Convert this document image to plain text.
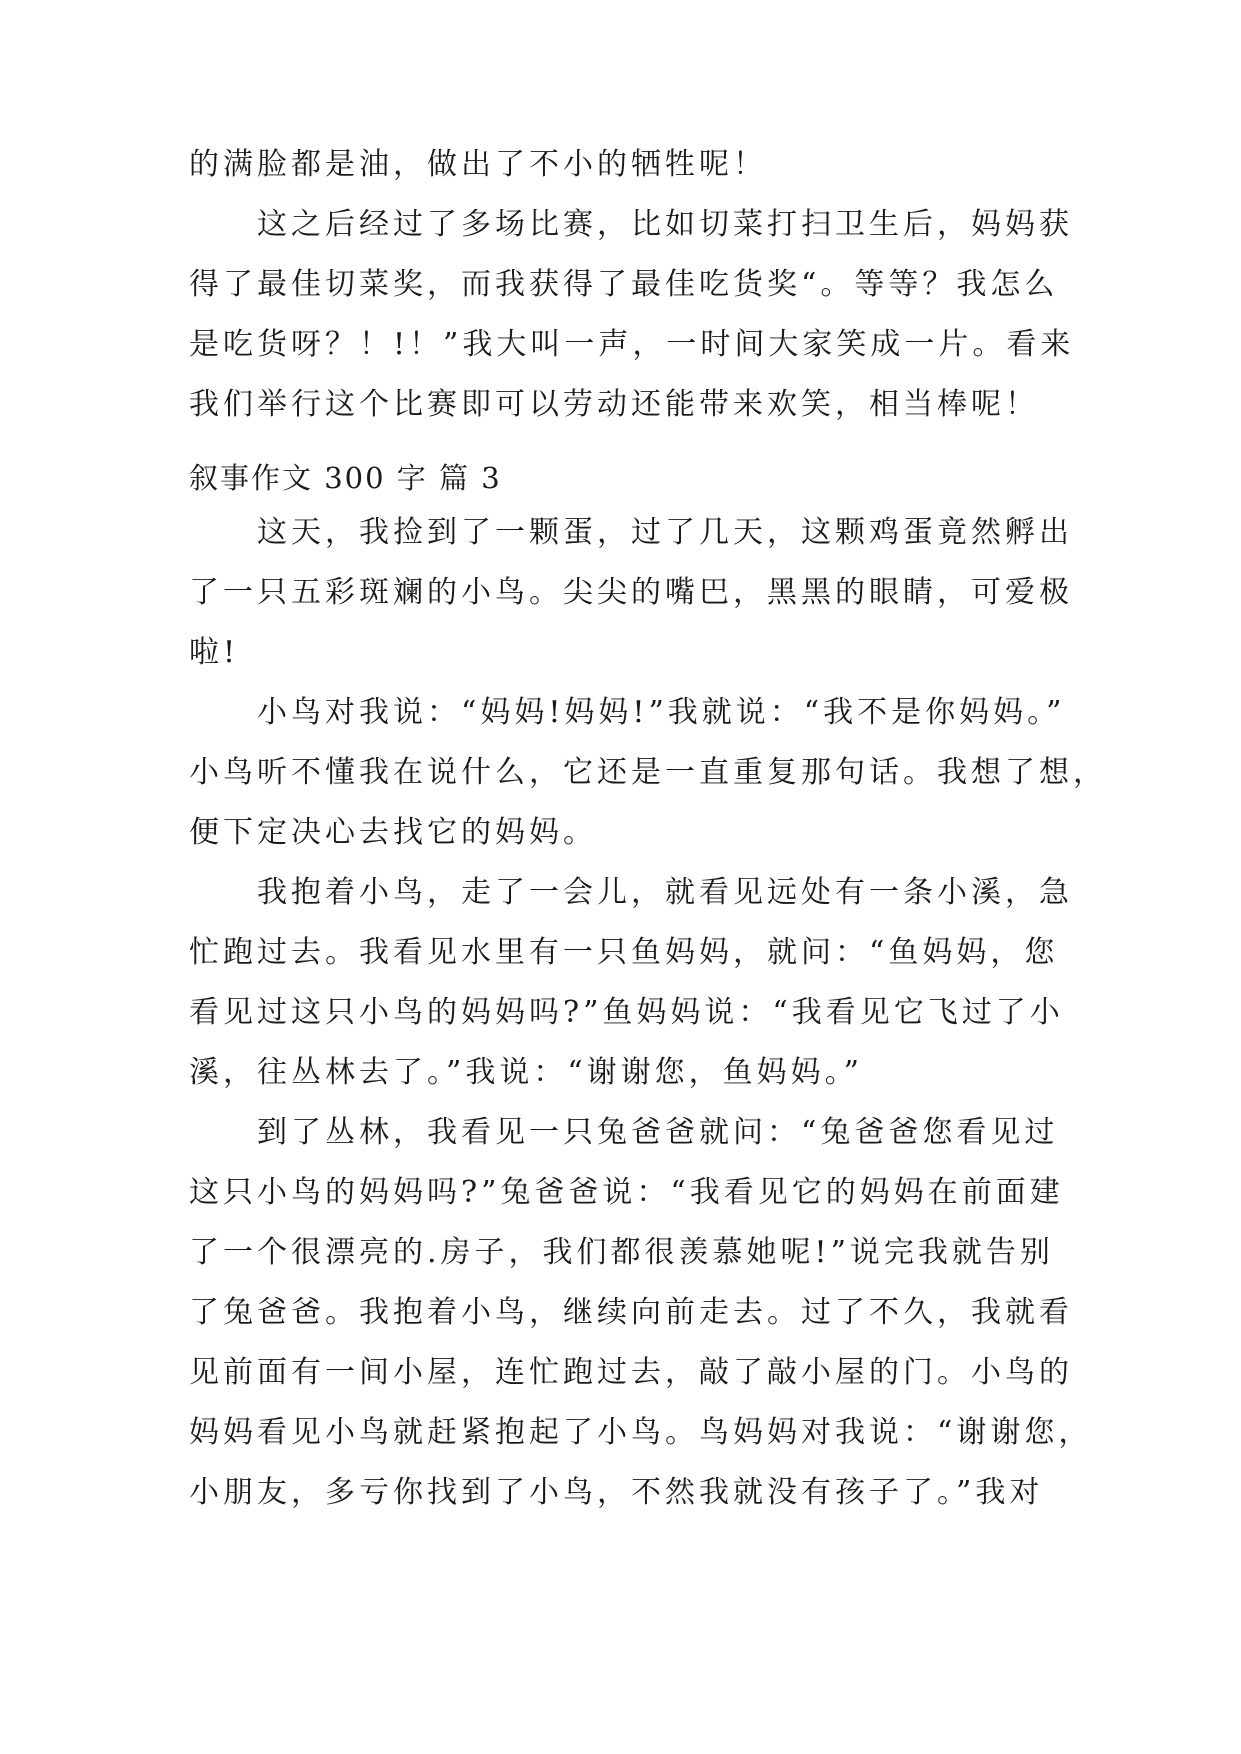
的满脸都是油，做出了不小的牺牲呢！
这之后经过了多场比赛，比如切菜打扫卫生后，妈妈获
得了最佳切菜奖，而我获得了最佳吃货奖“。等等？我怎么
是吃货呀？！!！”我大叫一声，一时间大家笑成一片。看来
我们举行这个比赛即可以劳动还能带来欢笑，相当棒呢！
叙事作文 300 字 篇 3
这天，我捡到了一颗蛋，过了几天，这颗鸡蛋竟然孵出
了一只五彩斑斓的小鸟。尖尖的嘴巴，黑黑的眼睛，可爱极
啦!
小鸟对我说：“妈妈!妈妈!”我就说：“我不是你妈妈。”
小鸟听不懂我在说什么，它还是一直重复那句话。我想了想，
便下定决心去找它的妈妈。
我抱着小鸟，走了一会儿，就看见远处有一条小溪，急
忙跑过去。我看见水里有一只鱼妈妈，就问：“鱼妈妈，您
看见过这只小鸟的妈妈吗?”鱼妈妈说：“我看见它飞过了小
溪，往丛林去了。”我说：“谢谢您，鱼妈妈。”
到了丛林，我看见一只兔爸爸就问：“兔爸爸您看见过
这只小鸟的妈妈吗?”兔爸爸说：“我看见它的妈妈在前面建
了一个很漂亮的.房子，我们都很羡慕她呢!”说完我就告别
了兔爸爸。我抱着小鸟，继续向前走去。过了不久，我就看
见前面有一间小屋，连忙跑过去，敲了敲小屋的门。小鸟的
妈妈看见小鸟就赶紧抱起了小鸟。鸟妈妈对我说：“谢谢您，
小朋友，多亏你找到了小鸟，不然我就没有孩子了。”我对
